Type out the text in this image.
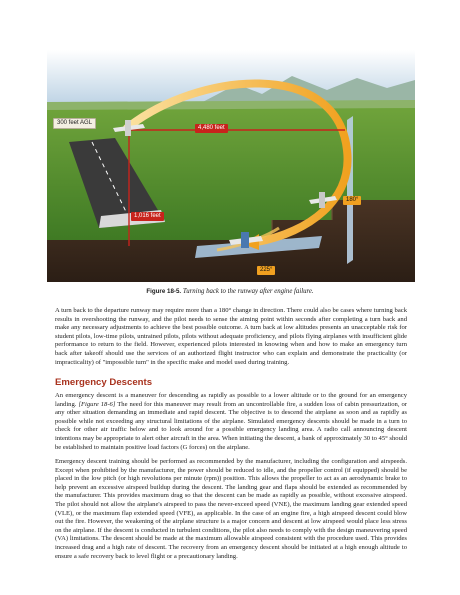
300 feet AGL
4,480 feet
1,016 feet
180°
225°
Figure 18-5. Turning back to the runway after engine failure.

A turn back to the departure runway may require more than a 180° change in direction. There could also be cases where turning back results in overshooting the runway, and the pilot needs to sense the aiming point within seconds after completing a turn back and make any necessary adjustments to achieve the best possible outcome. A turn back at low altitudes presents an unacceptable risk for student pilots, low-time pilots, untrained pilots, pilots without adequate proficiency, and pilots flying airplanes with insufficient glide performance to return to the field. However, experienced pilots interested in knowing when and how to make an emergency turn back after takeoff should use the services of an authorized flight instructor who can explain and demonstrate the practicality (or impracticality) of "impossible turn" in the specific make and model used during training.

Emergency Descents

An emergency descent is a maneuver for descending as rapidly as possible to a lower altitude or to the ground for an emergency landing. [Figure 18-6] The need for this maneuver may result from an uncontrollable fire, a sudden loss of cabin pressurization, or any other situation demanding an immediate and rapid descent. The objective is to descend the airplane as soon and as rapidly as possible while not exceeding any structural limitations of the airplane. Simulated emergency descents should be made in a turn to check for other air traffic below and to look around for a possible emergency landing area. A radio call announcing descent intentions may be appropriate to alert other aircraft in the area. When initiating the descent, a bank of approximately 30 to 45° should be established to maintain positive load factors (G forces) on the airplane.

Emergency descent training should be performed as recommended by the manufacturer, including the configuration and airspeeds. Except when prohibited by the manufacturer, the power should be reduced to idle, and the propeller control (if equipped) should be placed in the low pitch (or high revolutions per minute (rpm)) position. This allows the propeller to act as an aerodynamic brake to help prevent an excessive airspeed buildup during the descent. The landing gear and flaps should be extended as recommended by the manufacturer. This provides maximum drag so that the descent can be made as rapidly as possible, without excessive airspeed. The pilot should not allow the airplane's airspeed to pass the never-exceed speed (VNE), the maximum landing gear extended speed (VLE), or the maximum flap extended speed (VFE), as applicable. In the case of an engine fire, a high airspeed descent could blow out the fire. However, the weakening of the airplane structure is a major concern and descent at low airspeed would place less stress on the airplane. If the descent is conducted in turbulent conditions, the pilot also needs to comply with the design maneuvering speed (VA) limitations. The descent should be made at the maximum allowable airspeed consistent with the procedure used. This provides increased drag and a high rate of descent. The recovery from an emergency descent should be initiated at a high enough altitude to ensure a safe recovery back to level flight or a precautionary landing.
